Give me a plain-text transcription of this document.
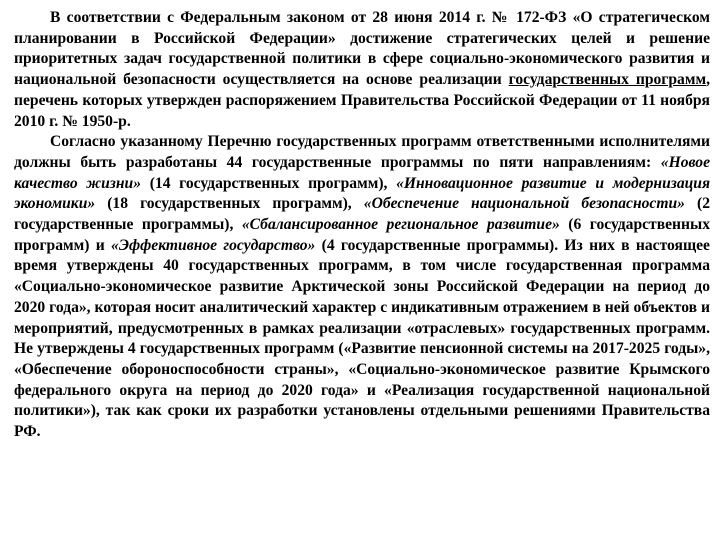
В соответствии с Федеральным законом от 28 июня 2014 г. № 172-ФЗ «О стратегическом планировании в Российской Федерации» достижение стратегических целей и решение приоритетных задач государственной политики в сфере социально-экономического развития и национальной безопасности осуществляется на основе реализации государственных программ, перечень которых утвержден распоряжением Правительства Российской Федерации от 11 ноября 2010 г. № 1950-р.

Согласно указанному Перечню государственных программ ответственными исполнителями должны быть разработаны 44 государственные программы по пяти направлениям: «Новое качество жизни» (14 государственных программ), «Инновационное развитие и модернизация экономики» (18 государственных программ), «Обеспечение национальной безопасности» (2 государственные программы), «Сбалансированное региональное развитие» (6 государственных программ) и «Эффективное государство» (4 государственные программы). Из них в настоящее время утверждены 40 государственных программ, в том числе государственная программа «Социально-экономическое развитие Арктической зоны Российской Федерации на период до 2020 года», которая носит аналитический характер с индикативным отражением в ней объектов и мероприятий, предусмотренных в рамках реализации «отраслевых» государственных программ. Не утверждены 4 государственных программ («Развитие пенсионной системы на 2017-2025 годы», «Обеспечение обороноспособности страны», «Социально-экономическое развитие Крымского федерального округа на период до 2020 года» и «Реализация государственной национальной политики»), так как сроки их разработки установлены отдельными решениями Правительства РФ.
